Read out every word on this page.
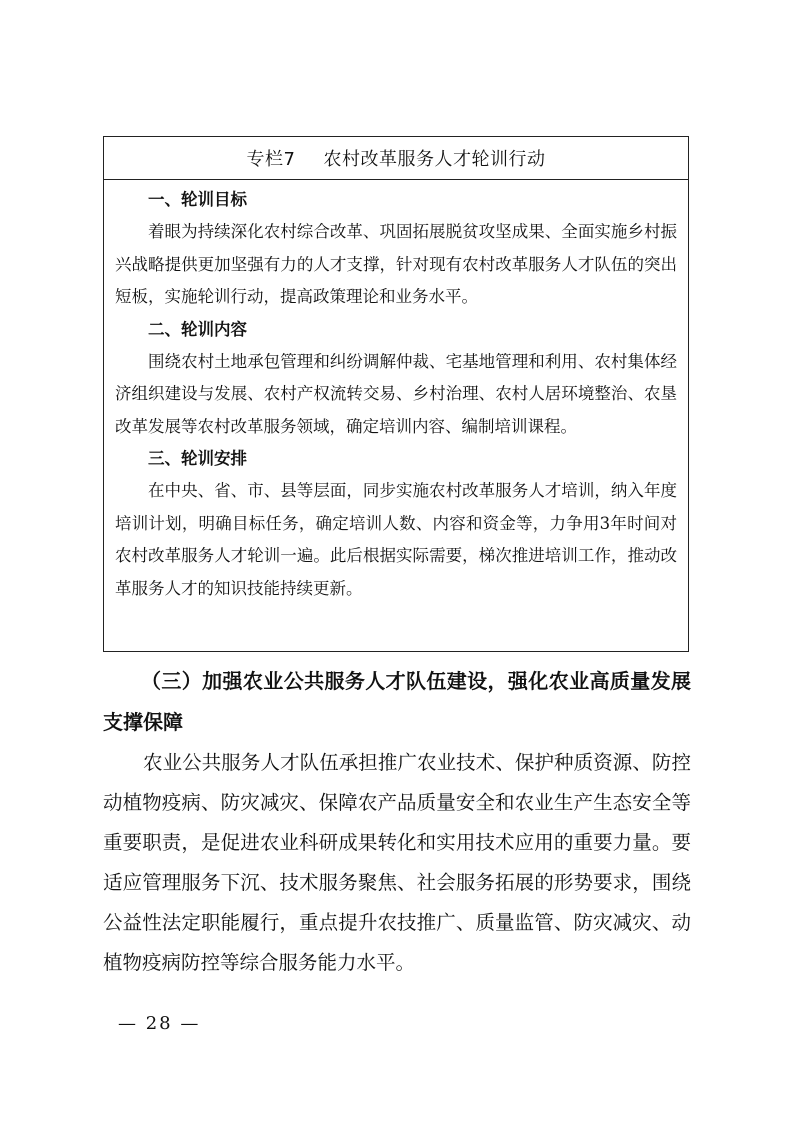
专栏7 农村改革服务人才轮训行动
一、轮训目标

着眼为持续深化农村综合改革、巩固拓展脱贫攻坚成果、全面实施乡村振兴战略提供更加坚强有力的人才支撑，针对现有农村改革服务人才队伍的突出短板，实施轮训行动，提高政策理论和业务水平。

二、轮训内容

围绕农村土地承包管理和纠纷调解仲裁、宅基地管理和利用、农村集体经济组织建设与发展、农村产权流转交易、乡村治理、农村人居环境整治、农垦改革发展等农村改革服务领域，确定培训内容、编制培训课程。

三、轮训安排

在中央、省、市、县等层面，同步实施农村改革服务人才培训，纳入年度培训计划，明确目标任务，确定培训人数、内容和资金等，力争用3年时间对农村改革服务人才轮训一遍。此后根据实际需要，梯次推进培训工作，推动改革服务人才的知识技能持续更新。

（三）加强农业公共服务人才队伍建设，强化农业高质量发展支撑保障

农业公共服务人才队伍承担推广农业技术、保护种质资源、防控动植物疫病、防灾减灾、保障农产品质量安全和农业生产生态安全等重要职责，是促进农业科研成果转化和实用技术应用的重要力量。要适应管理服务下沉、技术服务聚焦、社会服务拓展的形势要求，围绕公益性法定职能履行，重点提升农技推广、质量监管、防灾减灾、动植物疫病防控等综合服务能力水平。

— 28 —
